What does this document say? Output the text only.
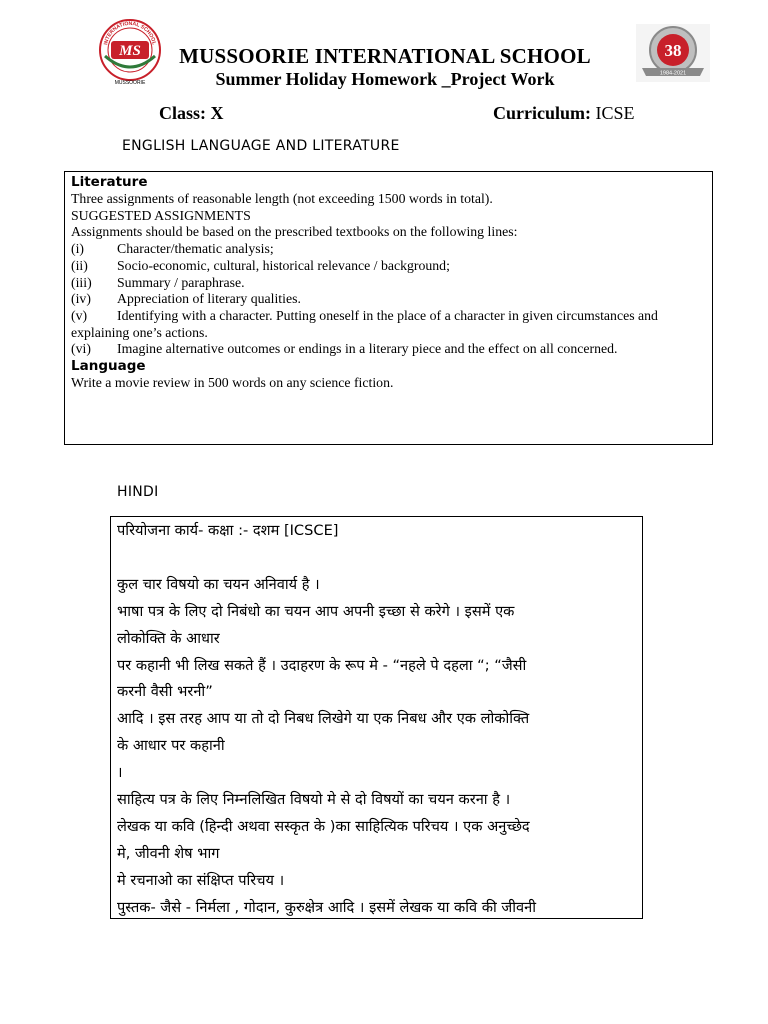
MS
INTERNATIONAL SCHOOL
MUSSOORIE
38
1984-2021
MUSSOORIE INTERNATIONAL SCHOOL
Summer Holiday Homework _Project Work
Class: X	Curriculum: ICSE
ENGLISH LANGUAGE AND LITERATURE
Literature
Three assignments of reasonable length (not exceeding 1500 words in total).
SUGGESTED ASSIGNMENTS
Assignments should be based on the prescribed textbooks on the following lines:
(i) Character/thematic analysis;
(ii) Socio-economic, cultural, historical relevance / background;
(iii) Summary / paraphrase.
(iv) Appreciation of literary qualities.
(v) Identifying with a character. Putting oneself in the place of a character in given circumstances and explaining one’s actions.
(vi) Imagine alternative outcomes or endings in a literary piece and the effect on all concerned.
Language
Write a movie review in 500 words on any science fiction.
HINDI
परियोजना कार्य- कक्षा :- दशम [ICSCE]
कुल चार विषयो का चयन अनिवार्य है ।
भाषा पत्र के लिए दो निबंधो का चयन आप अपनी इच्छा से करेगे । इसमें एक
लोकोक्ति के आधार
पर कहानी भी लिख सकते हैं । उदाहरण के रूप मे - “नहले पे दहला “; “जैसी
करनी वैसी भरनी”
आदि । इस तरह आप या तो दो निबध लिखेगे या एक निबध और एक लोकोक्ति
के आधार पर कहानी
।
साहित्य पत्र के लिए निम्नलिखित विषयो मे से दो विषयों का चयन करना है ।
लेखक या कवि (हिन्दी अथवा सस्कृत के )का साहित्यिक परिचय । एक अनुच्छेद
मे, जीवनी शेष भाग
मे रचनाओ का संक्षिप्त परिचय ।
पुस्तक- जैसे - निर्मला , गोदान, कुरुक्षेत्र आदि । इसमें लेखक या कवि की जीवनी
